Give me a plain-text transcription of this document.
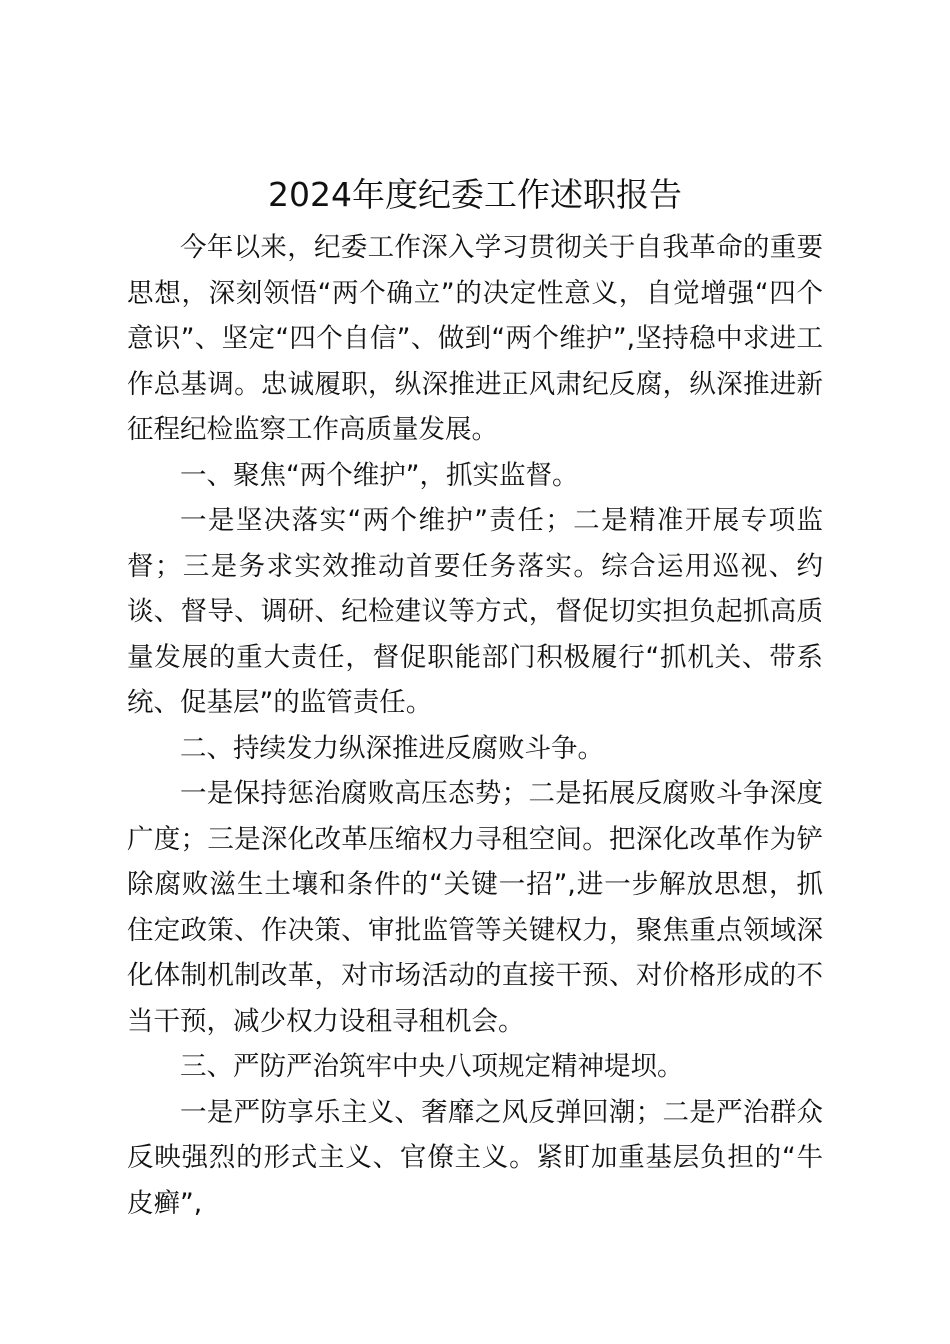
2024年度纪委工作述职报告

今年以来，纪委工作深入学习贯彻关于自我革命的重要思想，深刻领悟“两个确立”的决定性意义，自觉增强“四个意识”、坚定“四个自信”、做到“两个维护”,坚持稳中求进工作总基调。忠诚履职，纵深推进正风肃纪反腐，纵深推进新征程纪检监察工作高质量发展。

一、聚焦“两个维护”，抓实监督。

一是坚决落实“两个维护”责任；二是精准开展专项监督；三是务求实效推动首要任务落实。综合运用巡视、约谈、督导、调研、纪检建议等方式，督促切实担负起抓高质量发展的重大责任，督促职能部门积极履行“抓机关、带系统、促基层”的监管责任。

二、持续发力纵深推进反腐败斗争。

一是保持惩治腐败高压态势；二是拓展反腐败斗争深度广度；三是深化改革压缩权力寻租空间。把深化改革作为铲除腐败滋生土壤和条件的“关键一招”,进一步解放思想，抓住定政策、作决策、审批监管等关键权力，聚焦重点领域深化体制机制改革，对市场活动的直接干预、对价格形成的不当干预，减少权力设租寻租机会。

三、严防严治筑牢中央八项规定精神堤坝。

一是严防享乐主义、奢靡之风反弹回潮；二是严治群众反映强烈的形式主义、官僚主义。紧盯加重基层负担的“牛皮癣”,
